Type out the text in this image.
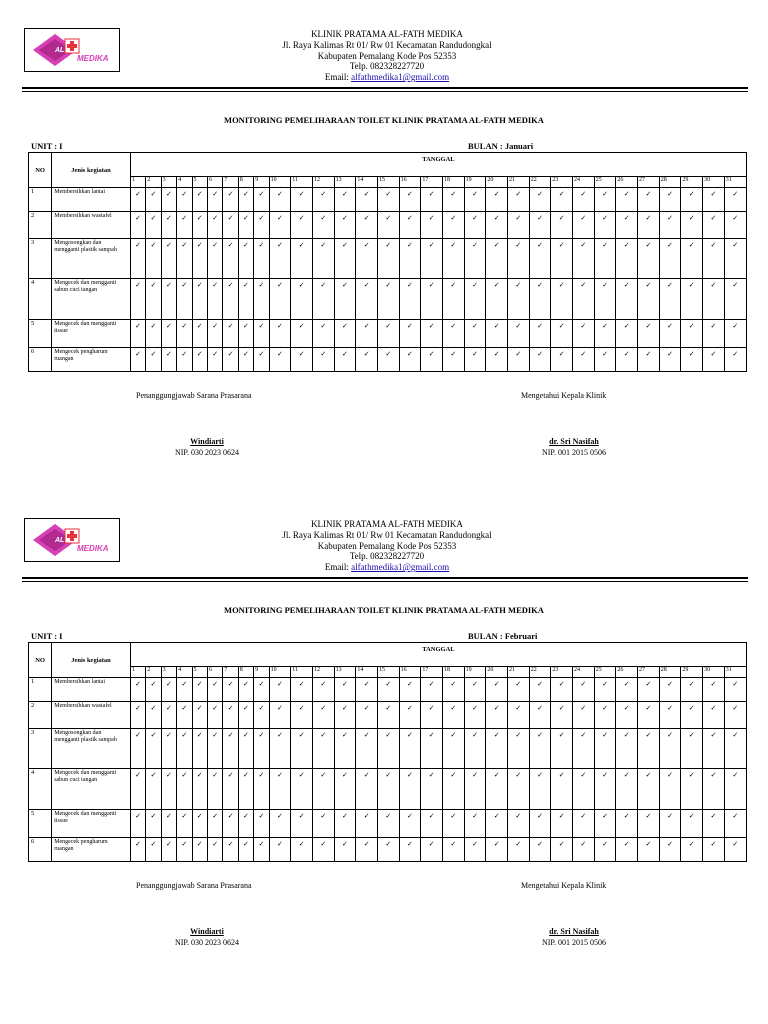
AL
MEDIKA
KLINIK PRATAMA AL-FATH MEDIKA
Jl. Raya Kalimas Rt 01/ Rw 01 Kecamatan Randudongkal
Kabupaten Pemalang Kode Pos 52353
Telp. 082328227720
Email: alfathmedika1@gmail.com
MONITORING PEMELIHARAAN TOILET KLINIK PRATAMA AL-FATH MEDIKA
UNIT : I	BULAN : Januari
NO	Jenis kegiatan	TANGGAL																														
		1	2	3	4	5	6	7	8	9	10	11	12	13	14	15	16	17	18	19	20	21	22	23	24	25	26	27	28	29	30	31
1	Membersihkan lantai	✓	✓	✓	✓	✓	✓	✓	✓	✓	✓	✓	✓	✓	✓	✓	✓	✓	✓	✓	✓	✓	✓	✓	✓	✓	✓	✓	✓	✓	✓	✓
2	Membersihkan wastafel	✓	✓	✓	✓	✓	✓	✓	✓	✓	✓	✓	✓	✓	✓	✓	✓	✓	✓	✓	✓	✓	✓	✓	✓	✓	✓	✓	✓	✓	✓	✓
3	Mengosongkan dan mengganti plastik sampah	✓	✓	✓	✓	✓	✓	✓	✓	✓	✓	✓	✓	✓	✓	✓	✓	✓	✓	✓	✓	✓	✓	✓	✓	✓	✓	✓	✓	✓	✓	✓
4	Mengecek dan mengganti sabun cuci tangan	✓	✓	✓	✓	✓	✓	✓	✓	✓	✓	✓	✓	✓	✓	✓	✓	✓	✓	✓	✓	✓	✓	✓	✓	✓	✓	✓	✓	✓	✓	✓
5	Mengecek dan mengganti tissue	✓	✓	✓	✓	✓	✓	✓	✓	✓	✓	✓	✓	✓	✓	✓	✓	✓	✓	✓	✓	✓	✓	✓	✓	✓	✓	✓	✓	✓	✓	✓
6	Mengecek pengharum ruangan	✓	✓	✓	✓	✓	✓	✓	✓	✓	✓	✓	✓	✓	✓	✓	✓	✓	✓	✓	✓	✓	✓	✓	✓	✓	✓	✓	✓	✓	✓	✓
Penanggungjawab Sarana Prasarana	Mengetahui Kepala Klinik
Windiarti
NIP. 030 2023 0624
dr. Sri Nasifah
NIP. 001 2015 0506
AL
MEDIKA
KLINIK PRATAMA AL-FATH MEDIKA
Jl. Raya Kalimas Rt 01/ Rw 01 Kecamatan Randudongkal
Kabupaten Pemalang Kode Pos 52353
Telp. 082328227720
Email: alfathmedika1@gmail.com
MONITORING PEMELIHARAAN TOILET KLINIK PRATAMA AL-FATH MEDIKA
UNIT : I	BULAN : Februari
NO	Jenis kegiatan	TANGGAL																														
		1	2	3	4	5	6	7	8	9	10	11	12	13	14	15	16	17	18	19	20	21	22	23	24	25	26	27	28	29	30	31
1	Membersihkan lantai	✓	✓	✓	✓	✓	✓	✓	✓	✓	✓	✓	✓	✓	✓	✓	✓	✓	✓	✓	✓	✓	✓	✓	✓	✓	✓	✓	✓	✓	✓	✓
2	Membersihkan wastafel	✓	✓	✓	✓	✓	✓	✓	✓	✓	✓	✓	✓	✓	✓	✓	✓	✓	✓	✓	✓	✓	✓	✓	✓	✓	✓	✓	✓	✓	✓	✓
3	Mengosongkan dan mengganti plastik sampah	✓	✓	✓	✓	✓	✓	✓	✓	✓	✓	✓	✓	✓	✓	✓	✓	✓	✓	✓	✓	✓	✓	✓	✓	✓	✓	✓	✓	✓	✓	✓
4	Mengecek dan mengganti sabun cuci tangan	✓	✓	✓	✓	✓	✓	✓	✓	✓	✓	✓	✓	✓	✓	✓	✓	✓	✓	✓	✓	✓	✓	✓	✓	✓	✓	✓	✓	✓	✓	✓
5	Mengecek dan mengganti tissue	✓	✓	✓	✓	✓	✓	✓	✓	✓	✓	✓	✓	✓	✓	✓	✓	✓	✓	✓	✓	✓	✓	✓	✓	✓	✓	✓	✓	✓	✓	✓
6	Mengecek pengharum ruangan	✓	✓	✓	✓	✓	✓	✓	✓	✓	✓	✓	✓	✓	✓	✓	✓	✓	✓	✓	✓	✓	✓	✓	✓	✓	✓	✓	✓	✓	✓	✓
Penanggungjawab Sarana Prasarana	Mengetahui Kepala Klinik
Windiarti
NIP. 030 2023 0624
dr. Sri Nasifah
NIP. 001 2015 0506
